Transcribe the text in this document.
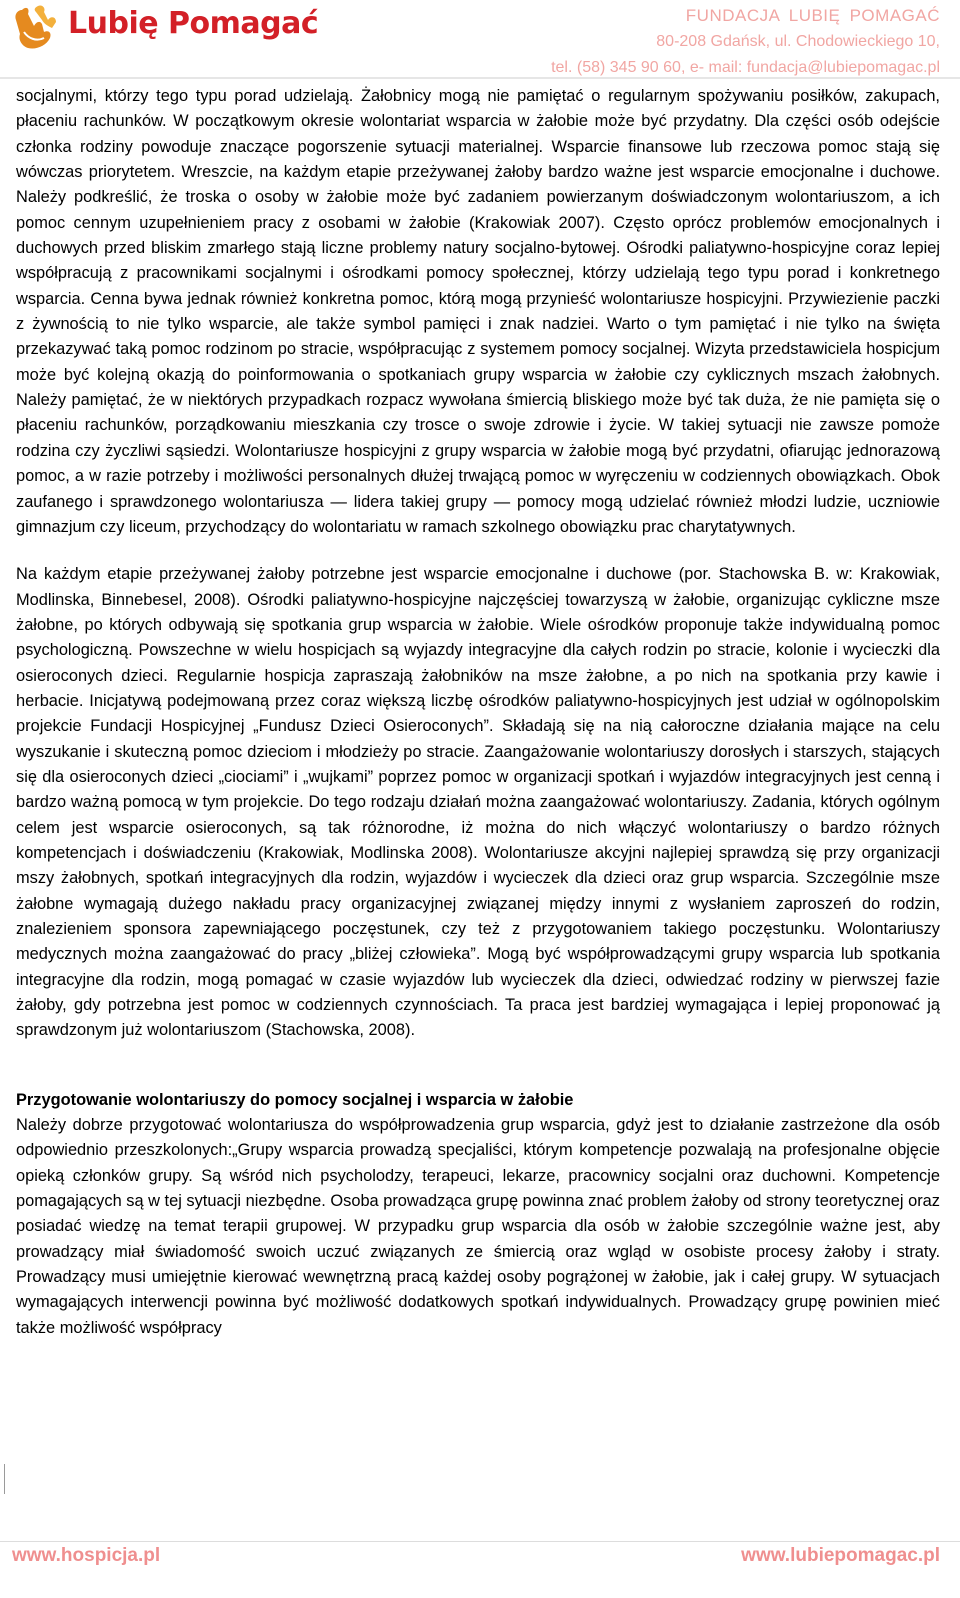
Lubię Pomagać	FUNDACJA LUBIĘ POMAGAĆ
80-208 Gdańsk, ul. Chodowieckiego 10,
tel. (58) 345 90 60, e- mail: fundacja@lubiepomagac.pl

socjalnymi, którzy tego typu porad udzielają. Żałobnicy mogą nie pamiętać o regularnym spożywaniu posiłków, zakupach, płaceniu rachunków. W początkowym okresie wolontariat wsparcia w żałobie może być przydatny. Dla części osób odejście członka rodziny powoduje znaczące pogorszenie sytuacji materialnej. Wsparcie finansowe lub rzeczowa pomoc stają się wówczas priorytetem. Wreszcie, na każdym etapie przeżywanej żałoby bardzo ważne jest wsparcie emocjonalne i duchowe. Należy podkreślić, że troska o osoby w żałobie może być zadaniem powierzanym doświadczonym wolontariuszom, a ich pomoc cennym uzupełnieniem pracy z osobami w żałobie (Krakowiak 2007). Często oprócz problemów emocjonalnych i duchowych przed bliskim zmarłego stają liczne problemy natury socjalno-bytowej. Ośrodki paliatywno-hospicyjne coraz lepiej współpracują z pracownikami socjalnymi i ośrodkami pomocy społecznej, którzy udzielają tego typu porad i konkretnego wsparcia. Cenna bywa jednak również konkretna pomoc, którą mogą przynieść wolontariusze hospicyjni. Przywiezienie paczki z żywnością to nie tylko wsparcie, ale także symbol pamięci i znak nadziei. Warto o tym pamiętać i nie tylko na święta przekazywać taką pomoc rodzinom po stracie, współpracując z systemem pomocy socjalnej. Wizyta przedstawiciela hospicjum może być kolejną okazją do poinformowania o spotkaniach grupy wsparcia w żałobie czy cyklicznych mszach żałobnych. Należy pamiętać, że w niektórych przypadkach rozpacz wywołana śmiercią bliskiego może być tak duża, że nie pamięta się o płaceniu rachunków, porządkowaniu mieszkania czy trosce o swoje zdrowie i życie. W takiej sytuacji nie zawsze pomoże rodzina czy życzliwi sąsiedzi. Wolontariusze hospicyjni z grupy wsparcia w żałobie mogą być przydatni, ofiarując jednorazową pomoc, a w razie potrzeby i możliwości personalnych dłużej trwającą pomoc w wyręczeniu w codziennych obowiązkach. Obok zaufanego i sprawdzonego wolontariusza — lidera takiej grupy — pomocy mogą udzielać również młodzi ludzie, uczniowie gimnazjum czy liceum, przychodzący do wolontariatu w ramach szkolnego obowiązku prac charytatywnych.

Na każdym etapie przeżywanej żałoby potrzebne jest wsparcie emocjonalne i duchowe (por. Stachowska B. w: Krakowiak, Modlinska, Binnebesel, 2008). Ośrodki paliatywno-hospicyjne najczęściej towarzyszą w żałobie, organizując cykliczne msze żałobne, po których odbywają się spotkania grup wsparcia w żałobie. Wiele ośrodków proponuje także indywidualną pomoc psychologiczną. Powszechne w wielu hospicjach są wyjazdy integracyjne dla całych rodzin po stracie, kolonie i wycieczki dla osieroconych dzieci. Regularnie hospicja zapraszają żałobników na msze żałobne, a po nich na spotkania przy kawie i herbacie. Inicjatywą podejmowaną przez coraz większą liczbę ośrodków paliatywno-hospicyjnych jest udział w ogólnopolskim projekcie Fundacji Hospicyjnej „Fundusz Dzieci Osieroconych”. Składają się na nią całoroczne działania mające na celu wyszukanie i skuteczną pomoc dzieciom i młodzieży po stracie. Zaangażowanie wolontariuszy dorosłych i starszych, stających się dla osieroconych dzieci „ciociami” i „wujkami” poprzez pomoc w organizacji spotkań i wyjazdów integracyjnych jest cenną i bardzo ważną pomocą w tym projekcie. Do tego rodzaju działań można zaangażować wolontariuszy. Zadania, których ogólnym celem jest wsparcie osieroconych, są tak różnorodne, iż można do nich włączyć wolontariuszy o bardzo różnych kompetencjach i doświadczeniu (Krakowiak, Modlinska 2008). Wolontariusze akcyjni najlepiej sprawdzą się przy organizacji mszy żałobnych, spotkań integracyjnych dla rodzin, wyjazdów i wycieczek dla dzieci oraz grup wsparcia. Szczególnie msze żałobne wymagają dużego nakładu pracy organizacyjnej związanej między innymi z wysłaniem zaproszeń do rodzin, znalezieniem sponsora zapewniającego poczęstunek, czy też z przygotowaniem takiego poczęstunku. Wolontariuszy medycznych można zaangażować do pracy „bliżej człowieka”. Mogą być współprowadzącymi grupy wsparcia lub spotkania integracyjne dla rodzin, mogą pomagać w czasie wyjazdów lub wycieczek dla dzieci, odwiedzać rodziny w pierwszej fazie żałoby, gdy potrzebna jest pomoc w codziennych czynnościach. Ta praca jest bardziej wymagająca i lepiej proponować ją sprawdzonym już wolontariuszom (Stachowska, 2008).

Przygotowanie wolontariuszy do pomocy socjalnej i wsparcia w żałobie

Należy dobrze przygotować wolontariusza do współprowadzenia grup wsparcia, gdyż jest to działanie zastrzeżone dla osób odpowiednio przeszkolonych:„Grupy wsparcia prowadzą specjaliści, którym kompetencje pozwalają na profesjonalne objęcie opieką członków grupy. Są wśród nich psycholodzy, terapeuci, lekarze, pracownicy socjalni oraz duchowni. Kompetencje pomagających są w tej sytuacji niezbędne. Osoba prowadząca grupę powinna znać problem żałoby od strony teoretycznej oraz posiadać wiedzę na temat terapii grupowej. W przypadku grup wsparcia dla osób w żałobie szczególnie ważne jest, aby prowadzący miał świadomość swoich uczuć związanych ze śmiercią oraz wgląd w osobiste procesy żałoby i straty. Prowadzący musi umiejętnie kierować wewnętrzną pracą każdej osoby pogrążonej w żałobie, jak i całej grupy. W sytuacjach wymagających interwencji powinna być możliwość dodatkowych spotkań indywidualnych. Prowadzący grupę powinien mieć także możliwość współpracy

www.hospicja.pl	www.lubiepomagac.pl
